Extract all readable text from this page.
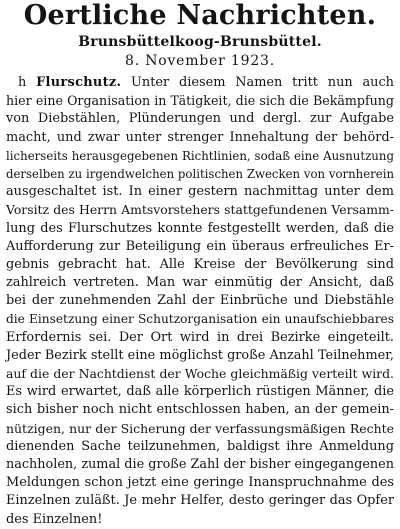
Oertliche Nachrichten.
Brunsbüttelkoog-Brunsbüttel.
8. November 1923.
h Flurschutz. Unter diesem Namen tritt nun auch
hier eine Organisation in Tätigkeit, die sich die Bekämpfung
von Diebstählen, Plünderungen und dergl. zur Aufgabe
macht, und zwar unter strenger Innehaltung der behörd-
licherseits herausgegebenen Richtlinien, sodaß eine Ausnutzung
derselben zu irgendwelchen politischen Zwecken von vornherein
ausgeschaltet ist. In einer gestern nachmittag unter dem
Vorsitz des Herrn Amtsvorstehers stattgefundenen Versamm-
lung des Flurschutzes konnte festgestellt werden, daß die
Aufforderung zur Beteiligung ein überaus erfreuliches Er-
gebnis gebracht hat. Alle Kreise der Bevölkerung sind
zahlreich vertreten. Man war einmütig der Ansicht, daß
bei der zunehmenden Zahl der Einbrüche und Diebstähle
die Einsetzung einer Schutzorganisation ein unaufschiebbares
Erfordernis sei. Der Ort wird in drei Bezirke eingeteilt.
Jeder Bezirk stellt eine möglichst große Anzahl Teilnehmer,
auf die der Nachtdienst der Woche gleichmäßig verteilt wird.
Es wird erwartet, daß alle körperlich rüstigen Männer, die
sich bisher noch nicht entschlossen haben, an der gemein-
nützigen, nur der Sicherung der verfassungsmäßigen Rechte
dienenden Sache teilzunehmen, baldigst ihre Anmeldung
nachholen, zumal die große Zahl der bisher eingegangenen
Meldungen schon jetzt eine geringe Inanspruchnahme des
Einzelnen zuläßt. Je mehr Helfer, desto geringer das Opfer
des Einzelnen!
